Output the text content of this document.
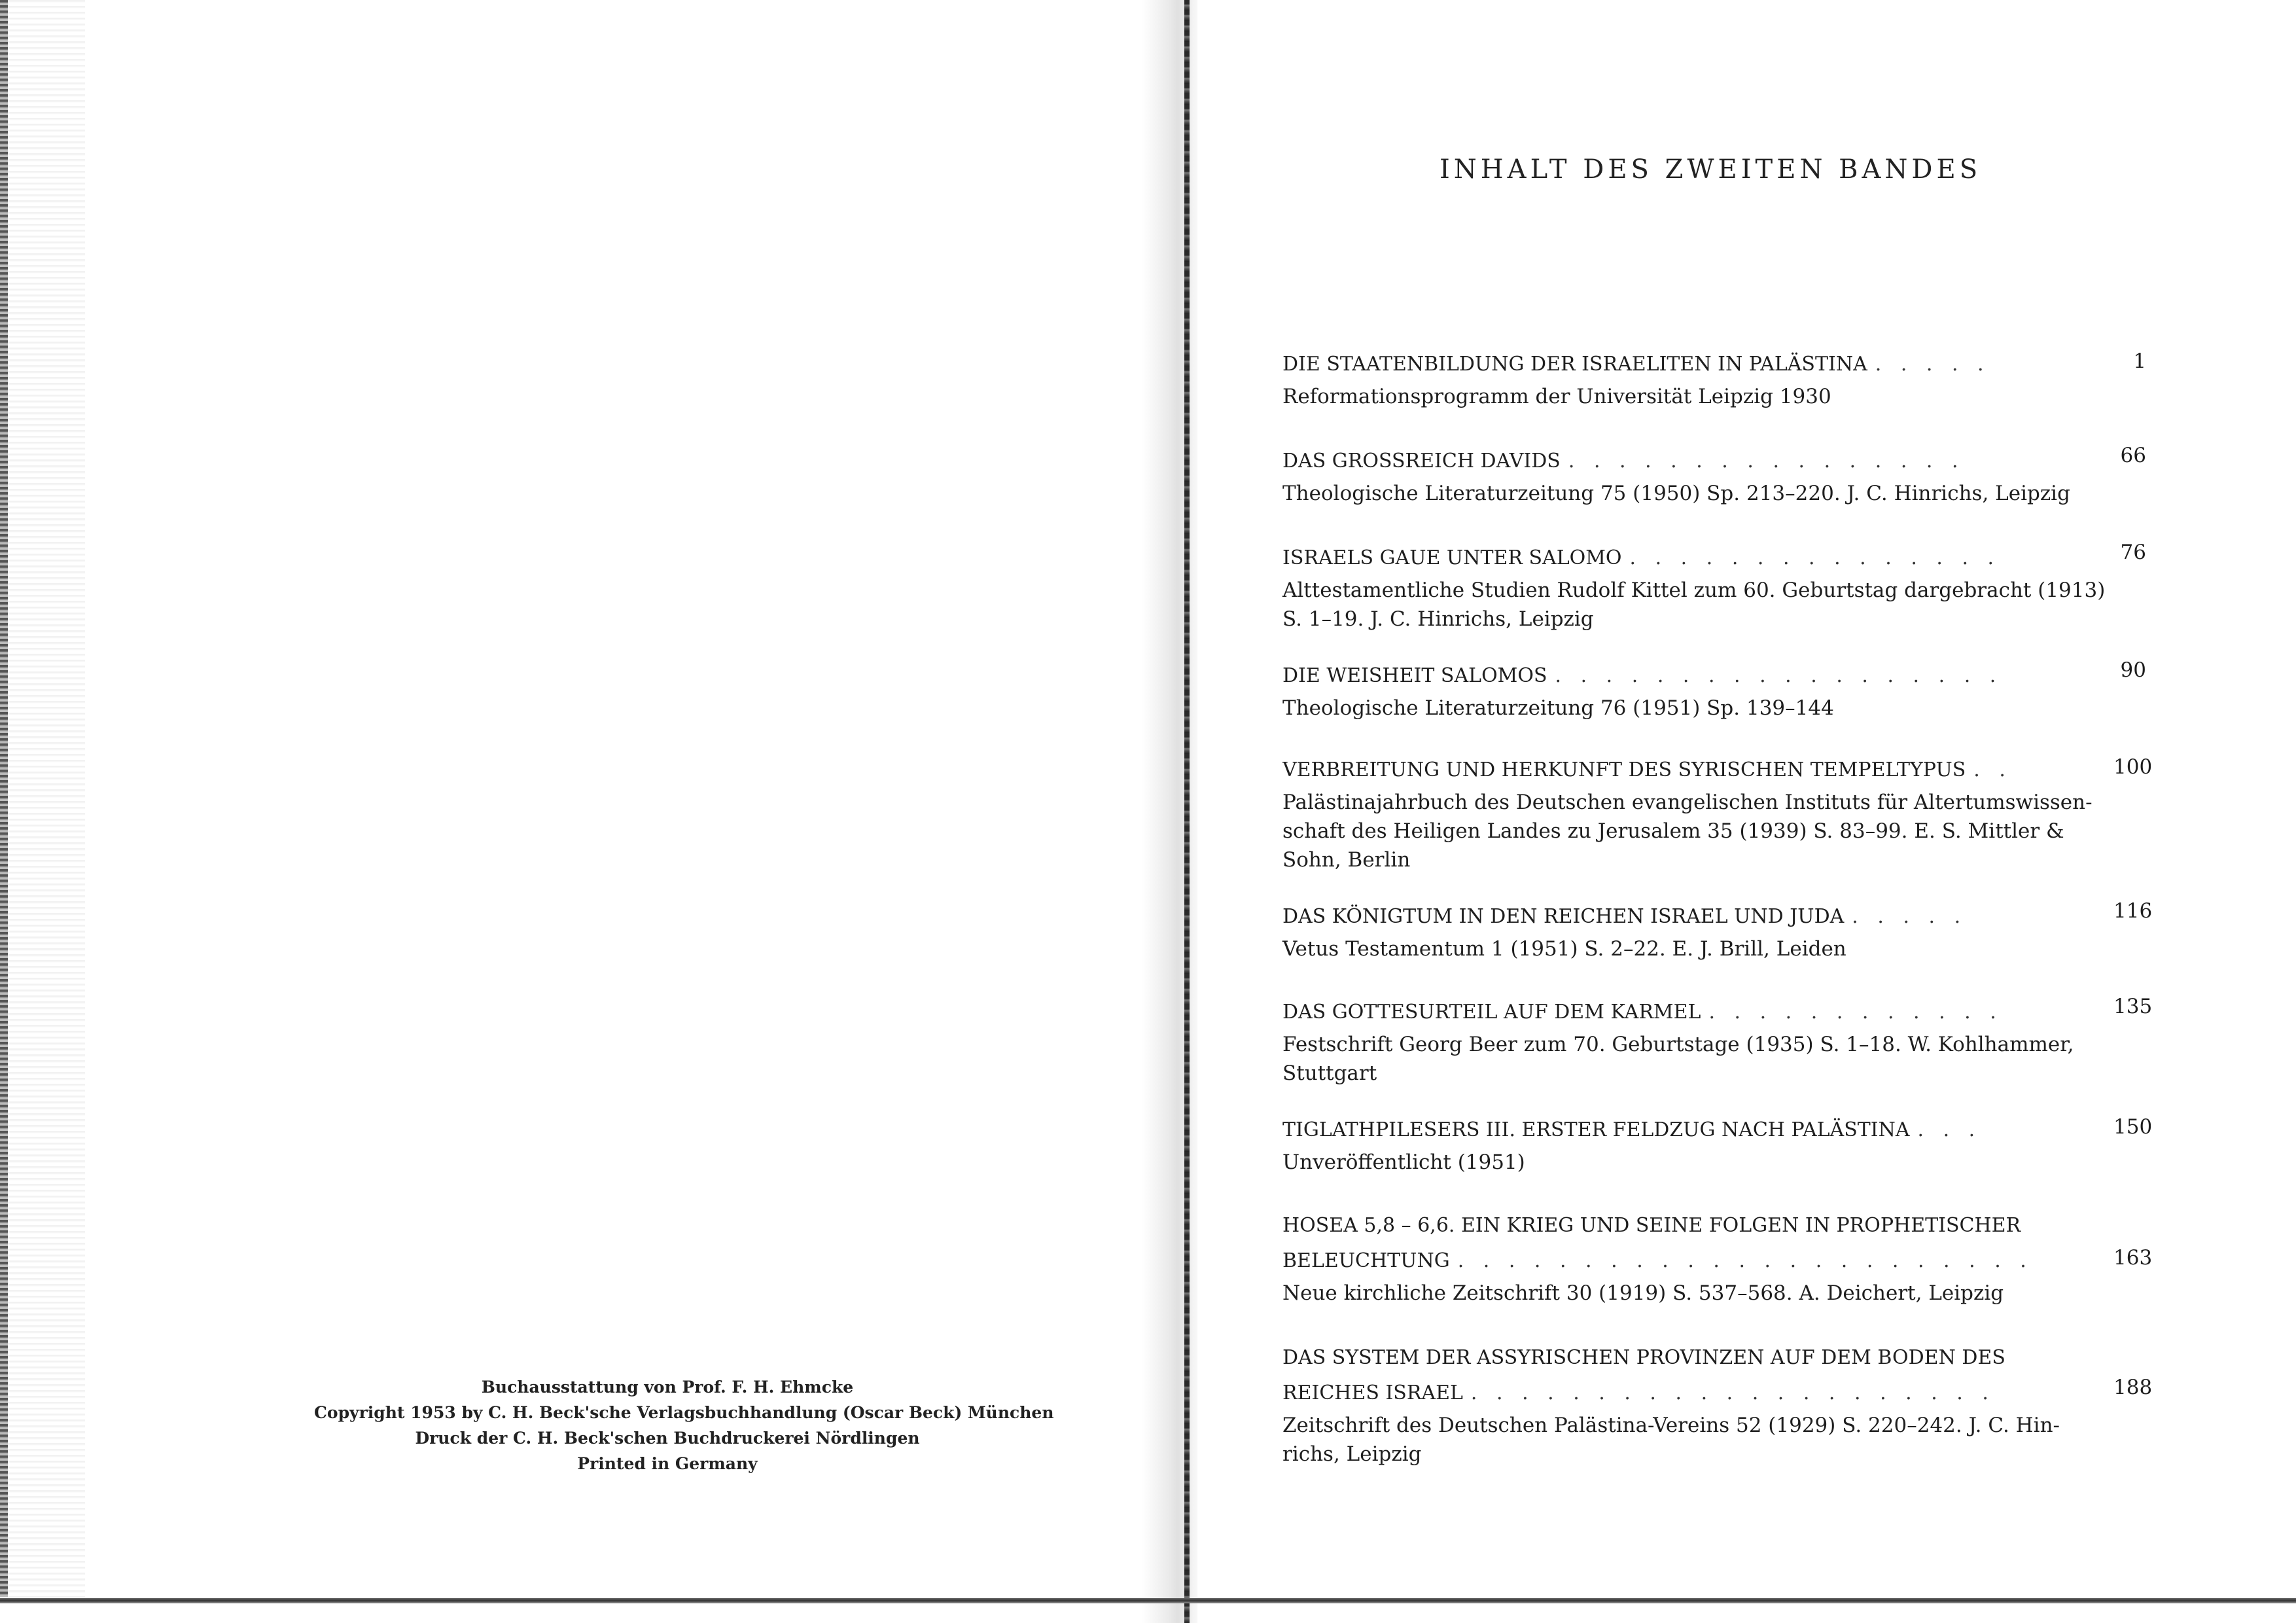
Buchausstattung von Prof. F. H. Ehmcke
Copyright 1953 by C. H. Beck'sche Verlagsbuchhandlung (Oscar Beck) München
Druck der C. H. Beck'schen Buchdruckerei Nördlingen
Printed in Germany
INHALT DES ZWEITEN BANDES
DIE STAATENBILDUNG DER ISRAELITEN IN PALÄSTINA . . . . .	1
Reformationsprogramm der Universität Leipzig 1930
DAS GROSSREICH DAVIDS . . . . . . . . . . . . . . . .	66
Theologische Literaturzeitung 75 (1950) Sp. 213–220. J. C. Hinrichs, Leipzig
ISRAELS GAUE UNTER SALOMO . . . . . . . . . . . . . . .	76
Alttestamentliche Studien Rudolf Kittel zum 60. Geburtstag dargebracht (1913)
S. 1–19. J. C. Hinrichs, Leipzig
DIE WEISHEIT SALOMOS . . . . . . . . . . . . . . . . . .	90
Theologische Literaturzeitung 76 (1951) Sp. 139–144
VERBREITUNG UND HERKUNFT DES SYRISCHEN TEMPELTYPUS . .	100
Palästinajahrbuch des Deutschen evangelischen Instituts für Altertumswissen-
schaft des Heiligen Landes zu Jerusalem 35 (1939) S. 83–99. E. S. Mittler &
Sohn, Berlin
DAS KÖNIGTUM IN DEN REICHEN ISRAEL UND JUDA . . . . .	116
Vetus Testamentum 1 (1951) S. 2–22. E. J. Brill, Leiden
DAS GOTTESURTEIL AUF DEM KARMEL . . . . . . . . . . . .	135
Festschrift Georg Beer zum 70. Geburtstage (1935) S. 1–18. W. Kohlhammer,
Stuttgart
TIGLATHPILESERS III. ERSTER FELDZUG NACH PALÄSTINA . . .	150
Unveröffentlicht (1951)
HOSEA 5,8 – 6,6. EIN KRIEG UND SEINE FOLGEN IN PROPHETISCHER
BELEUCHTUNG . . . . . . . . . . . . . . . . . . . . . . .	163
Neue kirchliche Zeitschrift 30 (1919) S. 537–568. A. Deichert, Leipzig
DAS SYSTEM DER ASSYRISCHEN PROVINZEN AUF DEM BODEN DES
REICHES ISRAEL . . . . . . . . . . . . . . . . . . . . .	188
Zeitschrift des Deutschen Palästina-Vereins 52 (1929) S. 220–242. J. C. Hin-
richs, Leipzig
